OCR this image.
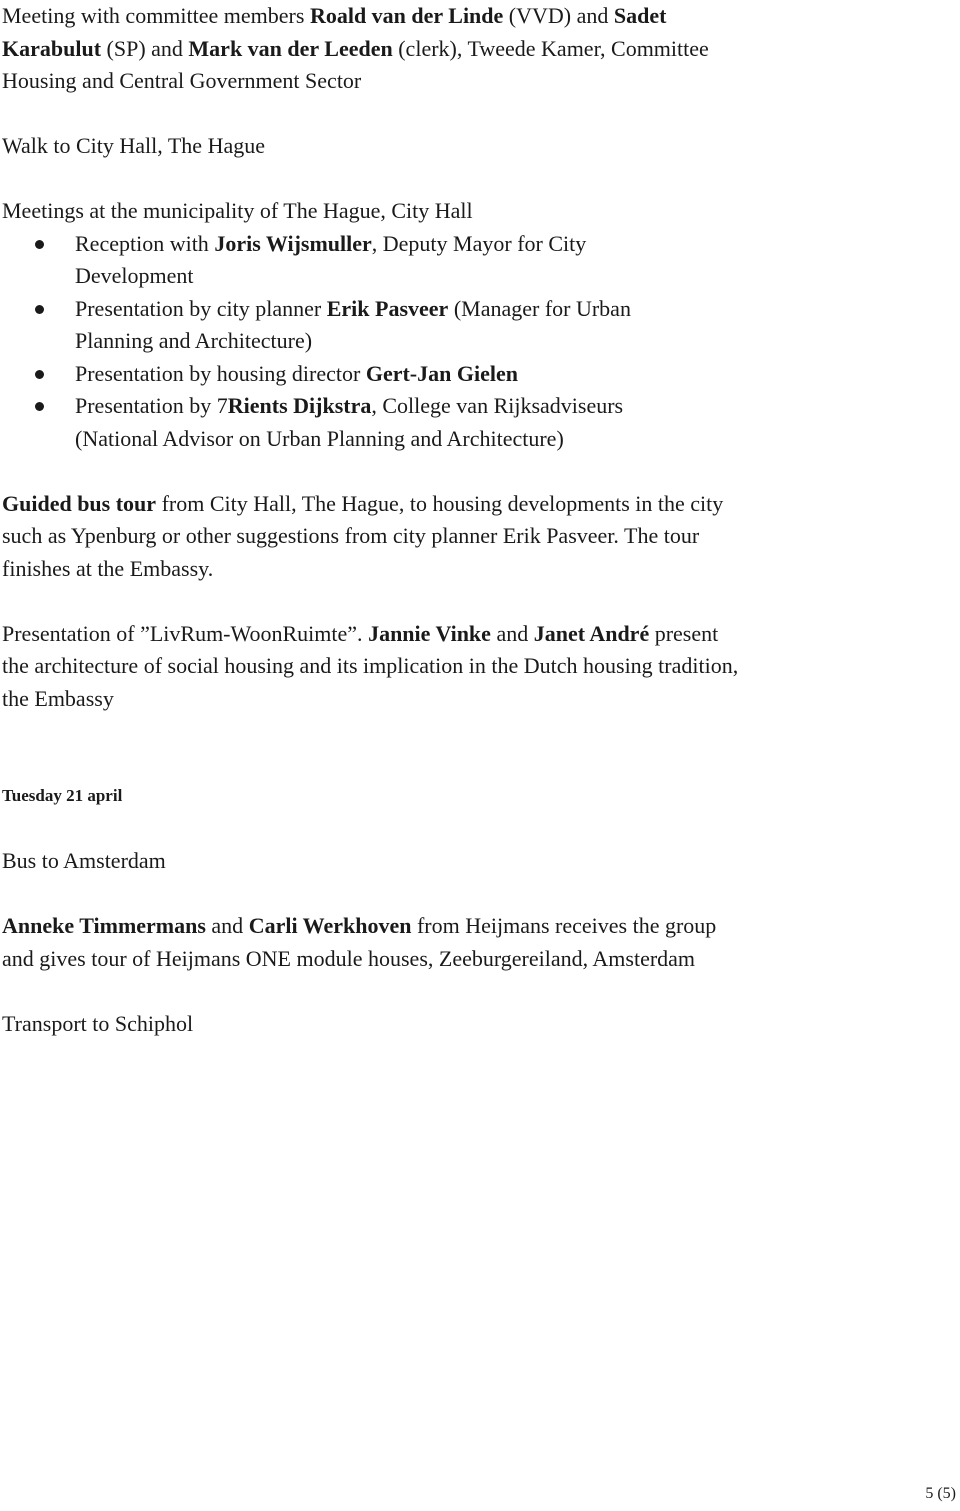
Meeting with committee members Roald van der Linde (VVD) and Sadet Karabulut (SP) and Mark van der Leeden (clerk), Tweede Kamer, Committee Housing and Central Government Sector

Walk to City Hall, The Hague

Meetings at the municipality of The Hague, City Hall

Reception with Joris Wijsmuller, Deputy Mayor for City Development
Presentation by city planner Erik Pasveer (Manager for Urban Planning and Architecture)
Presentation by housing director Gert-Jan Gielen
Presentation by 7Rients Dijkstra, College van Rijksadviseurs (National Advisor on Urban Planning and Architecture)

Guided bus tour from City Hall, The Hague, to housing developments in the city such as Ypenburg or other suggestions from city planner Erik Pasveer. The tour finishes at the Embassy.

Presentation of ”LivRum-WoonRuimte”. Jannie Vinke and Janet André present the architecture of social housing and its implication in the Dutch housing tradition, the Embassy

Tuesday 21 april

Bus to Amsterdam

Anneke Timmermans and Carli Werkhoven from Heijmans receives the group and gives tour of Heijmans ONE module houses, Zeeburgereiland, Amsterdam

Transport to Schiphol

5 (5)
